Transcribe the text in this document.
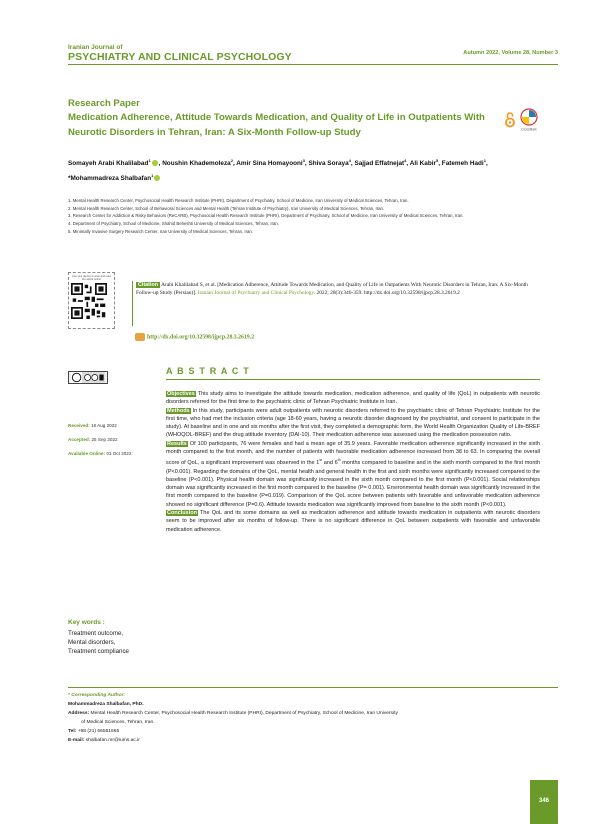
Iranian Journal of
PSYCHIATRY AND CLINICAL PSYCHOLOGY	Autumn 2022, Volume 28, Number 3
Research Paper
Medication Adherence, Attitude Towards Medication, and Quality of Life in Outpatients With Neurotic Disorders in Tehran, Iran: A Six-Month Follow-up Study	CrossMark
Somayeh Arabi Khalilabad$^1$ , Noushin Khademoleza$^2$, Amir Sina Homayooni$^3$, Shiva Soraya$^4$, Sajjad Effatnejat$^4$, Ali Kabir$^5$, Fatemeh Hadi$^1$, *Mohammadreza Shalbafan$^1$
1. Mental Health Research Center, Psychosocial Health Research Institute (PHRI), Department of Psychiatry, School of Medicine, Iran University of Medical Sciences, Tehran, Iran.
2. Mental Health Research Center, School of Behavioral Sciences and Mental Health (Tehran Institute of Psychiatry), Iran University of Medical Sciences, Tehran, Iran.
3. Research Center for Addiction & Risky Behaviors (ReCARB), Psychosocial Health Research Institute (PHRI), Department of Psychiatry, School of Medicine, Iran University of Medical Sciences, Tehran, Iran.
4. Department of Psychiatry, School of Medicine, Shahid Beheshti University of Medical Sciences, Tehran, Iran.
5. Minimally Invasive Surgery Research Center, Iran University of Medical Sciences, Tehran, Iran.
Use your device to scan and read the article online
Citation Arabi Khalilabad S, et al. [Medication Adherence, Attitude Towards Medication, and Quality of Life in Outpatients With Neurotic Disorders in Tehran, Iran: A Six-Month Follow-up Study (Persian)]. Iranian Journal of Psychiatry and Clinical Psychology. 2022; 28(3):346-359. http://dx.doi.org/10.32598/ijpcp.28.3.2619.2
http://dx.doi.org/10.32598/ijpcp.28.3.2619.2
A B S T R A C T
Received: 18 Aug 2022
Accepted: 25 Sep 2022
Available Online: 01 Oct 2022

Objectives This study aims to investigate the attitude towards medication, medication adherence, and quality of life (QoL) in outpatients with neurotic disorders referred for the first time to the psychiatric clinic of Tehran Psychiatric Institute in Iran.

Methods In this study, participants were adult outpatients with neurotic disorders referred to the psychiatric clinic of Tehran Psychiatric Institute for the first time, who had met the inclusion criteria (age 18-60 years, having a neurotic disorder diagnosed by the psychiatrist, and consent to participate in the study). At baseline and in one and six months after the first visit, they completed a demographic form, the World Health Organization Quality of Life-BREF (WHOQOL-BREF) and the drug attitude inventory (DAI-10). Their medication adherence was assessed using the medication possession ratio.

Results Of 100 participants, 76 were females and had a mean age of 35.9 years. Favorable medication adherence significantly increased in the sixth month compared to the first month, and the number of patients with favorable medication adherence increased from 38 to 63. In comparing the overall score of QoL, a significant improvement was observed in the 1st and 6th months compared to baseline and in the sixth month compared to the first month (P<0.001). Regarding the domains of the QoL, mental health and general health in the first and sixth months were significantly increased compared to the baseline (P<0.001). Physical health domain was significantly increased in the sixth month compared to the first month (P<0.001). Social relationships domain was significantly increased in the first month compared to the baseline (P= 0.001). Environmental health domain was significantly increased in the first month compared to the baseline (P=0.019). Comparison of the QoL score between patients with favorable and unfavorable medication adherence showed no significant difference (P=0.6). Attitude towards medication was significantly improved from baseline to the sixth month (P<0.001).

Conclusion The QoL and its some domains as well as medication adherence and attitude towards medication in outpatients with neurotic disorders seem to be improved after six months of follow-up. There is no significant difference in QoL between outpatients with favorable and unfavorable medication adherence.

Key words :
Treatment outcome,
Mental disorders,
Treatment compliance
* Corresponding Author:
Mohammadreza Shalbafan, PhD.
Address: Mental Health Research Center, Psychosocial Health Research Institute (PHRI), Department of Psychiatry, School of Medicine, Iran University
of Medical Sciences, Tehran, Iran.
Tel: +98 (21) 66551665
E-mail: shalbafan.mr@iums.ac.ir
346
